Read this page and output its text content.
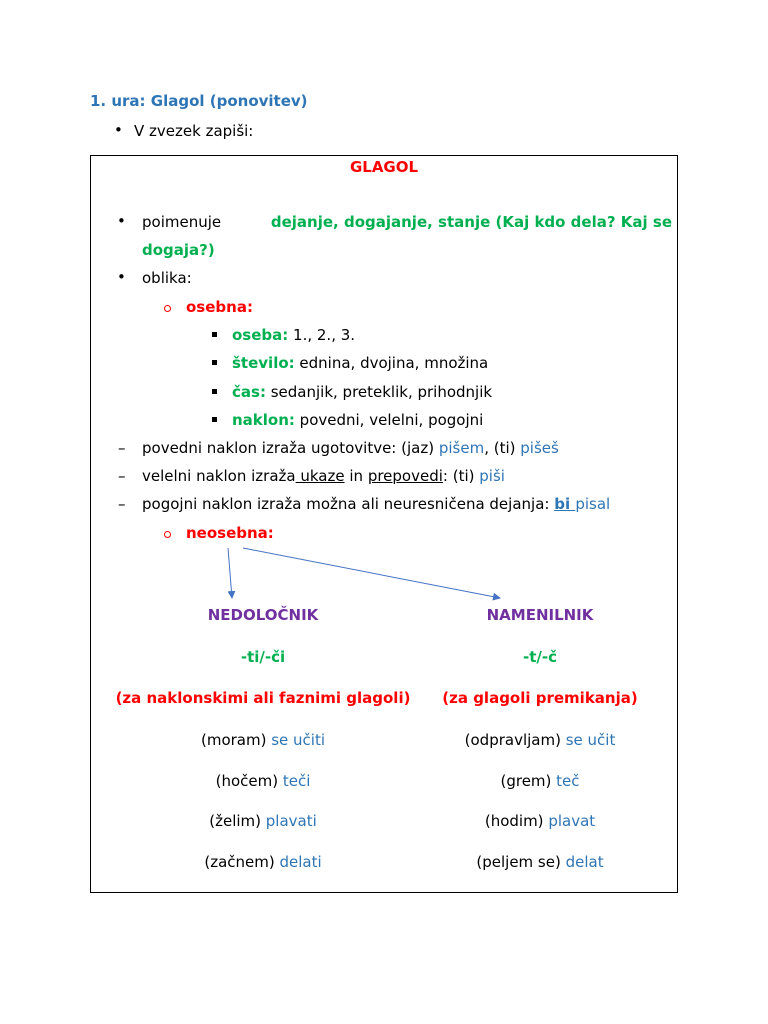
1. ura: Glagol (ponovitev)
• V zvezek zapiši:
GLAGOL
• poimenuje	dejanje, dogajanje, stanje (Kaj kdo dela? Kaj se
dogaja?)
• oblika:
osebna:
oseba: 1., 2., 3.
število: ednina, dvojina, množina
čas: sedanjik, preteklik, prihodnjik
naklon: povedni, velelni, pogojni
– povedni naklon izraža ugotovitve: (jaz) pišem, (ti) pišeš
– velelni naklon izraža ukaze in prepovedi: (ti) piši
– pogojni naklon izraža možna ali neuresničena dejanja: bi pisal
neosebna:
NEDOLOČNIK
-ti/-či
(za naklonskimi ali faznimi glagoli)
(moram) se učiti
(hočem) teči
(želim) plavati
(začnem) delati
NAMENILNIK
-t/-č
(za glagoli premikanja)
(odpravljam) se učit
(grem) teč
(hodim) plavat
(peljem se) delat
